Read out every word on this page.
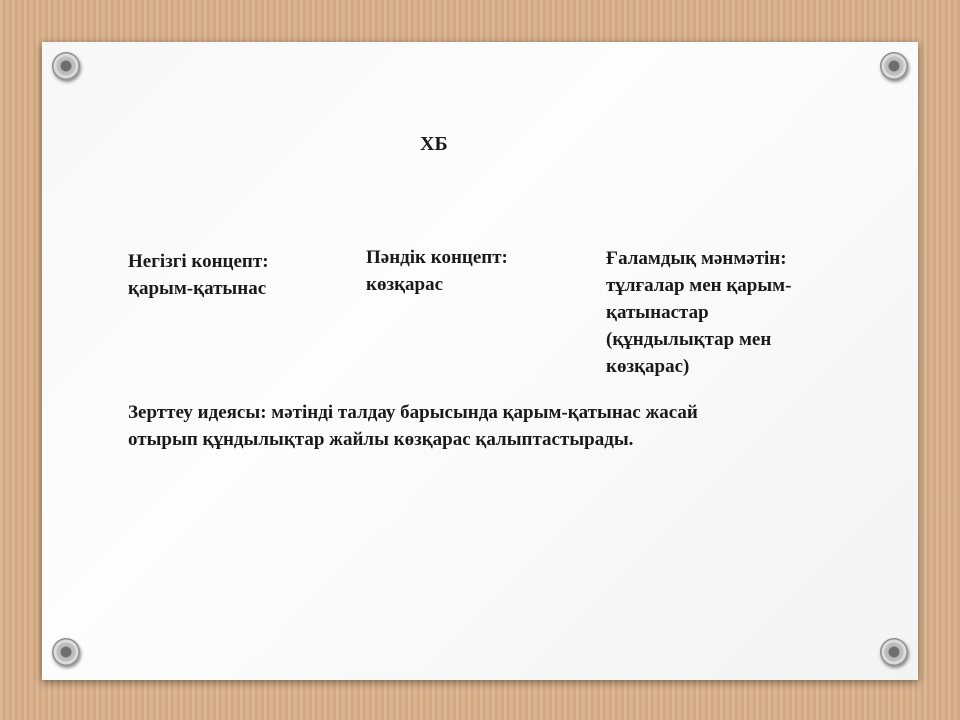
ХБ

Негізгі концепт:
қарым-қатынас

Пәндік концепт:
көзқарас

Ғаламдық мәнмәтін:
тұлғалар мен қарым-
қатынастар
(құндылықтар мен
көзқарас)

Зерттеу идеясы: мәтінді талдау барысында қарым-қатынас жасай
отырып құндылықтар жайлы көзқарас қалыптастырады.
